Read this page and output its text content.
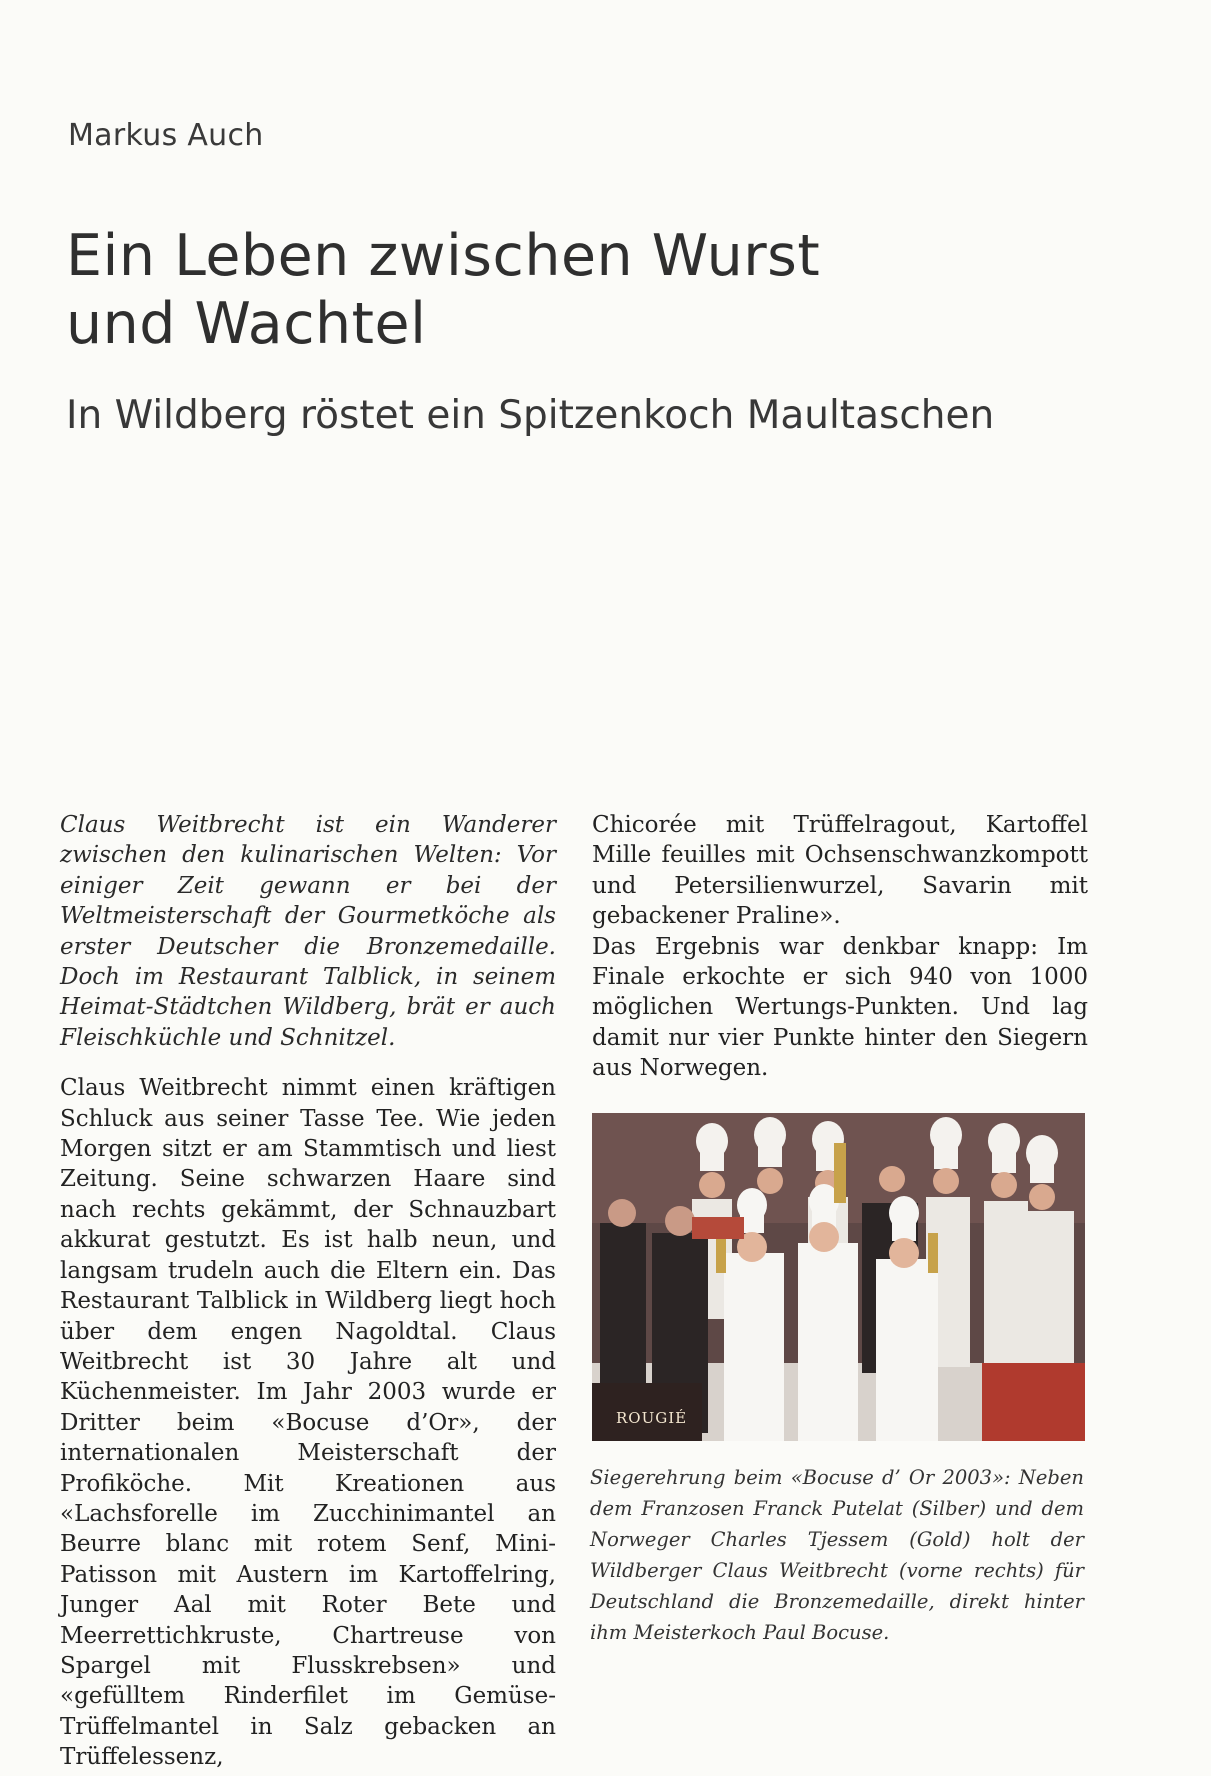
Markus Auch
Ein Leben zwischen Wurst
und Wachtel
In Wildberg röstet ein Spitzenkoch Maultaschen

Claus Weitbrecht ist ein Wanderer zwischen den kulinarischen Welten: Vor einiger Zeit gewann er bei der Weltmeisterschaft der Gourmetköche als erster Deutscher die Bronzemedaille. Doch im Restaurant Talblick, in seinem Heimat-Städtchen Wildberg, brät er auch Fleischküchle und Schnitzel.

Claus Weitbrecht nimmt einen kräftigen Schluck aus seiner Tasse Tee. Wie jeden Morgen sitzt er am Stammtisch und liest Zeitung. Seine schwarzen Haare sind nach rechts gekämmt, der Schnauzbart akkurat gestutzt. Es ist halb neun, und langsam trudeln auch die Eltern ein. Das Restaurant Talblick in Wildberg liegt hoch über dem engen Nagoldtal. Claus Weitbrecht ist 30 Jahre alt und Küchenmeister. Im Jahr 2003 wurde er Dritter beim «Bocuse d’Or», der internationalen Meisterschaft der Profiköche. Mit Kreationen aus «Lachsforelle im Zucchinimantel an Beurre blanc mit rotem Senf, Mini-Patisson mit Austern im Kartoffelring, Junger Aal mit Roter Bete und Meerrettichkruste, Chartreuse von Spargel mit Flusskrebsen» und «gefülltem Rinderfilet im Gemüse-Trüffelmantel in Salz gebacken an Trüffelessenz,

Chicorée mit Trüffelragout, Kartoffel Mille feuilles mit Ochsenschwanzkompott und Petersilienwurzel, Savarin mit gebackener Praline».

Das Ergebnis war denkbar knapp: Im Finale erkochte er sich 940 von 1000 möglichen Wertungs-Punkten. Und lag damit nur vier Punkte hinter den Siegern aus Norwegen.

ROUGIÉ

Siegerehrung beim «Bocuse d’ Or 2003»: Neben dem Franzosen Franck Putelat (Silber) und dem Norweger Charles Tjessem (Gold) holt der Wildberger Claus Weitbrecht (vorne rechts) für Deutschland die Bronzemedaille, direkt hinter ihm Meisterkoch Paul Bocuse.
